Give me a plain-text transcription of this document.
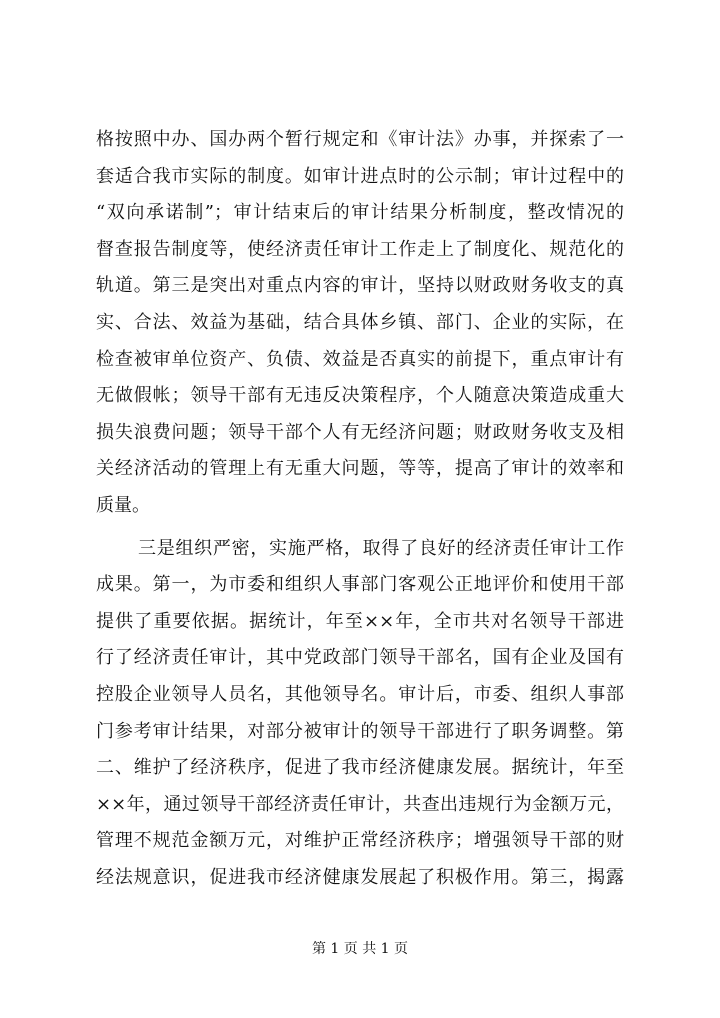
格按照中办、国办两个暂行规定和《审计法》办事，并探索了一
套适合我市实际的制度。如审计进点时的公示制；审计过程中的
“双向承诺制”；审计结束后的审计结果分析制度，整改情况的
督查报告制度等，使经济责任审计工作走上了制度化、规范化的
轨道。第三是突出对重点内容的审计，坚持以财政财务收支的真
实、合法、效益为基础，结合具体乡镇、部门、企业的实际，在
检查被审单位资产、负债、效益是否真实的前提下，重点审计有
无做假帐；领导干部有无违反决策程序，个人随意决策造成重大
损失浪费问题；领导干部个人有无经济问题；财政财务收支及相
关经济活动的管理上有无重大问题，等等，提高了审计的效率和
质量。
三是组织严密，实施严格，取得了良好的经济责任审计工作
成果。第一，为市委和组织人事部门客观公正地评价和使用干部
提供了重要依据。据统计，年至××年，全市共对名领导干部进
行了经济责任审计，其中党政部门领导干部名，国有企业及国有
控股企业领导人员名，其他领导名。审计后，市委、组织人事部
门参考审计结果，对部分被审计的领导干部进行了职务调整。第
二、维护了经济秩序，促进了我市经济健康发展。据统计，年至
××年，通过领导干部经济责任审计，共查出违规行为金额万元，
管理不规范金额万元，对维护正常经济秩序；增强领导干部的财
经法规意识，促进我市经济健康发展起了积极作用。第三，揭露
第 1 页 共 1 页
